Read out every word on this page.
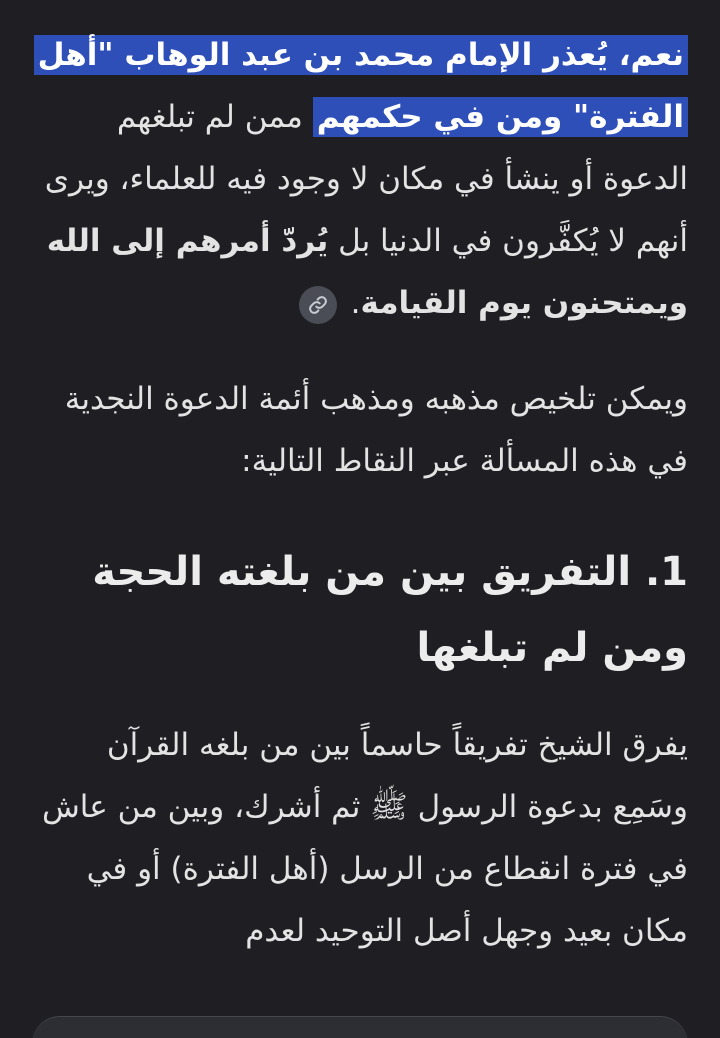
نعم، يُعذر الإمام محمد بن عبد الوهاب "أهل الفترة" ومن في حكمهم ممن لم تبلغهم الدعوة أو ينشأ في مكان لا وجود فيه للعلماء، ويرى أنهم لا يُكفَّرون في الدنيا بل يُردّ أمرهم إلى الله ويمتحنون يوم القيامة.

ويمكن تلخيص مذهبه ومذهب أئمة الدعوة النجدية في هذه المسألة عبر النقاط التالية:

1. التفريق بين من بلغته الحجة ومن لم تبلغها

يفرق الشيخ تفريقاً حاسماً بين من بلغه القرآن وسَمِع بدعوة الرسول ﷺ ثم أشرك، وبين من عاش في فترة انقطاع من الرسل (أهل الفترة) أو في مكان بعيد وجهل أصل التوحيد لعدم
